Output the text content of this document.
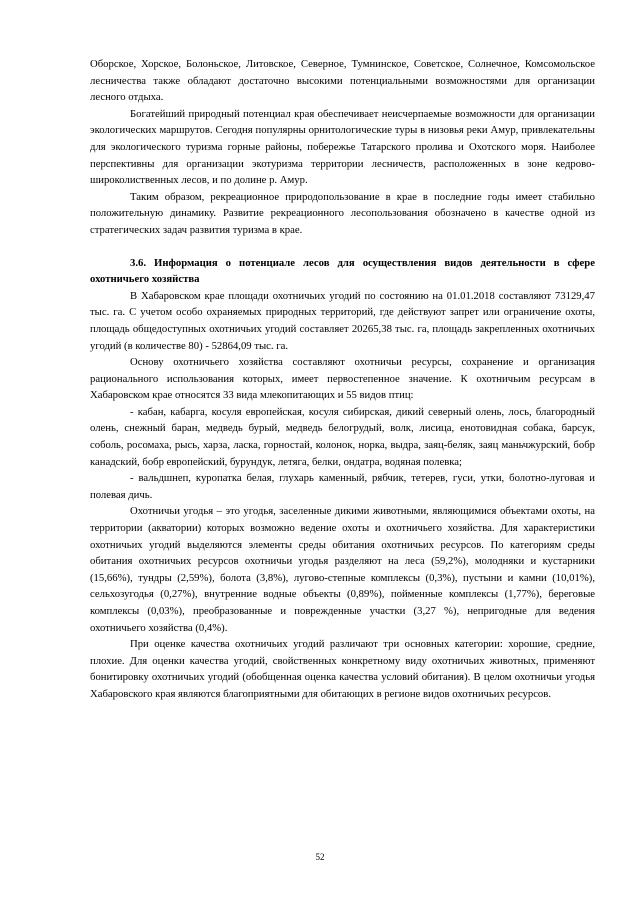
Оборское, Хорское, Болоньское, Литовское, Северное, Тумнинское, Советское, Солнечное, Комсомольское лесничества также обладают достаточно высокими потенциальными возможностями для организации лесного отдыха.

Богатейший природный потенциал края обеспечивает неисчерпаемые возможности для организации экологических маршрутов. Сегодня популярны орнитологические туры в низовья реки Амур, привлекательны для экологического туризма горные районы, побережье Татарского пролива и Охотского моря. Наиболее перспективны для организации экотуризма территории лесничеств, расположенных в зоне кедрово-широколиственных лесов, и по долине р. Амур.

Таким образом, рекреационное природопользование в крае в последние годы имеет стабильно положительную динамику. Развитие рекреационного лесопользования обозначено в качестве одной из стратегических задач развития туризма в крае.

3.6. Информация о потенциале лесов для осуществления видов деятельности в сфере охотничьего хозяйства

В Хабаровском крае площади охотничьих угодий по состоянию на 01.01.2018 составляют 73129,47 тыс. га. С учетом особо охраняемых природных территорий, где действуют запрет или ограничение охоты, площадь общедоступных охотничьих угодий составляет 20265,38 тыс. га, площадь закрепленных охотничьих угодий (в количестве 80) - 52864,09 тыс. га.

Основу охотничьего хозяйства составляют охотничьи ресурсы, сохранение и организация рационального использования которых, имеет первостепенное значение. К охотничьим ресурсам в Хабаровском крае относятся 33 вида млекопитающих и 55 видов птиц:

- кабан, кабарга, косуля европейская, косуля сибирская, дикий северный олень, лось, благородный олень, снежный баран, медведь бурый, медведь белогрудый, волк, лисица, енотовидная собака, барсук, соболь, росомаха, рысь, харза, ласка, горностай, колонок, норка, выдра, заяц-беляк, заяц маньчжурский, бобр канадский, бобр европейский, бурундук, летяга, белки, ондатра, водяная полевка;

- вальдшнеп, куропатка белая, глухарь каменный, рябчик, тетерев, гуси, утки, болотно-луговая и полевая дичь.

Охотничьи угодья – это угодья, заселенные дикими животными, являющимися объектами охоты, на территории (акватории) которых возможно ведение охоты и охотничьего хозяйства. Для характеристики охотничьих угодий выделяются элементы среды обитания охотничьих ресурсов. По категориям среды обитания охотничьих ресурсов охотничьи угодья разделяют на леса (59,2%), молодняки и кустарники (15,66%), тундры (2,59%), болота (3,8%), лугово-степные комплексы (0,3%), пустыни и камни (10,01%), сельхозугодья (0,27%), внутренние водные объекты (0,89%), пойменные комплексы (1,77%), береговые комплексы (0,03%), преобразованные и поврежденные участки (3,27 %), непригодные для ведения охотничьего хозяйства (0,4%).

При оценке качества охотничьих угодий различают три основных категории: хорошие, средние, плохие. Для оценки качества угодий, свойственных конкретному виду охотничьих животных, применяют бонитировку охотничьих угодий (обобщенная оценка качества условий обитания). В целом охотничьи угодья Хабаровского края являются благоприятными для обитающих в регионе видов охотничьих ресурсов.

52
